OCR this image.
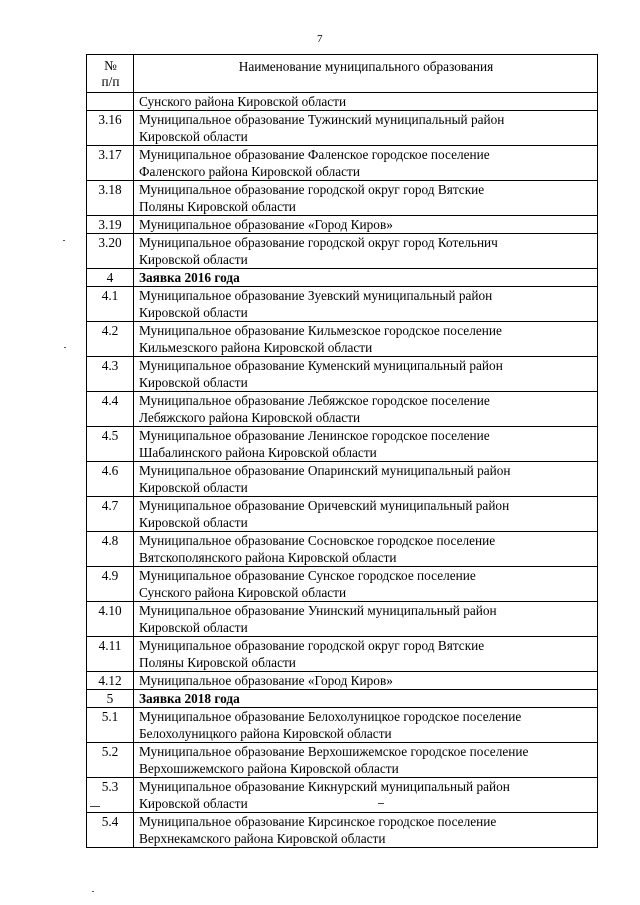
7
№
п/п	Наименование муниципального образования

	Сунского района Кировской области

3.16	Муниципальное образование Тужинский муниципальный район
Кировской области

3.17	Муниципальное образование Фаленское городское поселение
Фаленского района Кировской области

3.18	Муниципальное образование городской округ город Вятские
Поляны Кировской области

3.19	Муниципальное образование «Город Киров»

3.20	Муниципальное образование городской округ город Котельнич
Кировской области

4	Заявка 2016 года

4.1	Муниципальное образование Зуевский муниципальный район
Кировской области

4.2	Муниципальное образование Кильмезское городское поселение
Кильмезского района Кировской области

4.3	Муниципальное образование Куменский муниципальный район
Кировской области

4.4	Муниципальное образование Лебяжское городское поселение
Лебяжского района Кировской области

4.5	Муниципальное образование Ленинское городское поселение
Шабалинского района Кировской области

4.6	Муниципальное образование Опаринский муниципальный район
Кировской области

4.7	Муниципальное образование Оричевский муниципальный район
Кировской области

4.8	Муниципальное образование Сосновское городское поселение
Вятскополянского района Кировской области

4.9	Муниципальное образование Сунское городское поселение
Сунского района Кировской области

4.10	Муниципальное образование Унинский муниципальный район
Кировской области

4.11	Муниципальное образование городской округ город Вятские
Поляны Кировской области

4.12	Муниципальное образование «Город Киров»

5	Заявка 2018 года

5.1	Муниципальное образование Белохолуницкое городское поселение
Белохолуницкого района Кировской области

5.2	Муниципальное образование Верхошижемское городское поселение
Верхошижемского района Кировской области

5.3	Муниципальное образование Кикнурский муниципальный район
Кировской области

5.4	Муниципальное образование Кирсинское городское поселение
Верхнекамского района Кировской области
